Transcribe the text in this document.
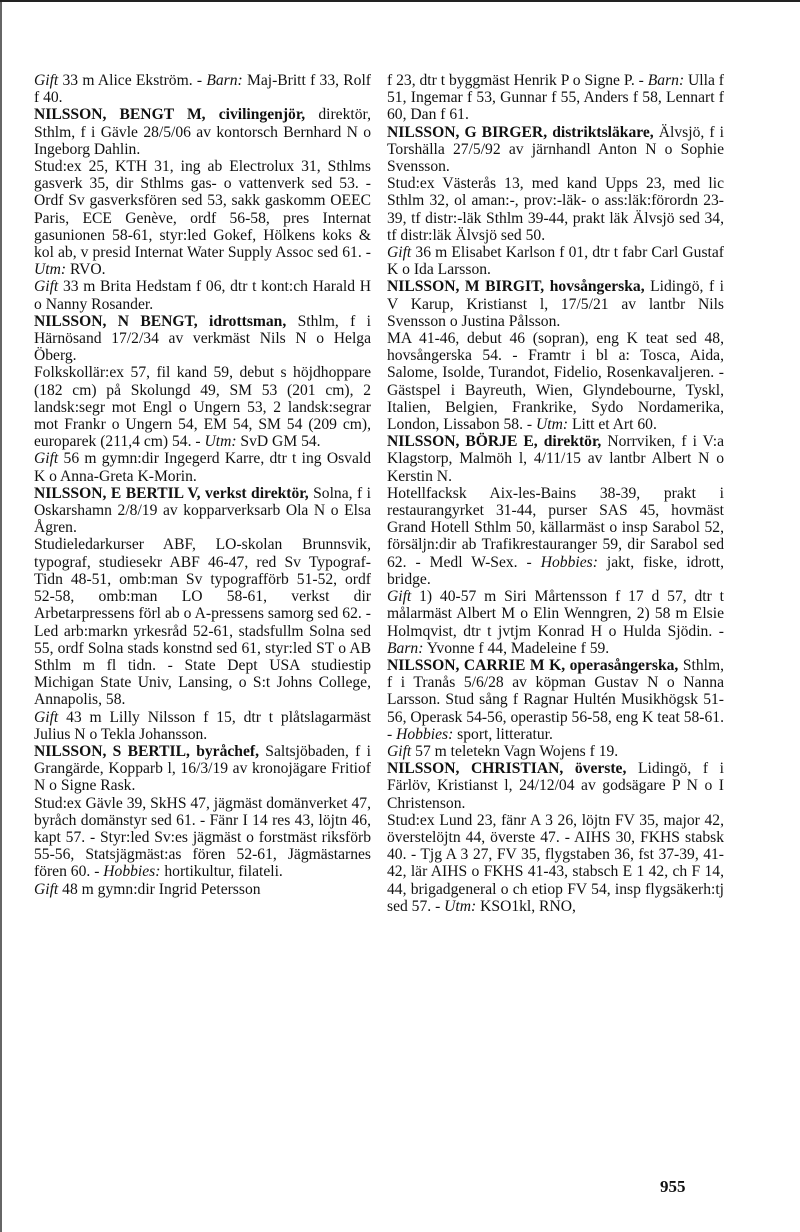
Gift 33 m Alice Ekström. - Barn: Maj-Britt f 33, Rolf f 40.

NILSSON, BENGT M, civilingenjör, direktör, Sthlm, f i Gävle 28/5/06 av kontorsch Bernhard N o Ingeborg Dahlin.

Stud:ex 25, KTH 31, ing ab Electrolux 31, Sthlms gasverk 35, dir Sthlms gas- o vattenverk sed 53. - Ordf Sv gasverksfören sed 53, sakk gaskomm OEEC Paris, ECE Genève, ordf 56-58, pres Internat gasunionen 58-61, styr:led Gokef, Hölkens koks & kol ab, v presid Internat Water Supply Assoc sed 61. - Utm: RVO.

Gift 33 m Brita Hedstam f 06, dtr t kont:ch Harald H o Nanny Rosander.

NILSSON, N BENGT, idrottsman, Sthlm, f i Härnösand 17/2/34 av verkmäst Nils N o Helga Öberg.

Folkskollär:ex 57, fil kand 59, debut s höjdhoppare (182 cm) på Skolungd 49, SM 53 (201 cm), 2 landsk:segr mot Engl o Ungern 53, 2 landsk:segrar mot Frankr o Ungern 54, EM 54, SM 54 (209 cm), europarek (211,4 cm) 54. - Utm: SvD GM 54.

Gift 56 m gymn:dir Ingegerd Karre, dtr t ing Osvald K o Anna-Greta K-Morin.

NILSSON, E BERTIL V, verkst direktör, Solna, f i Oskarshamn 2/8/19 av kopparverksarb Ola N o Elsa Ågren.

Studieledarkurser ABF, LO-skolan Brunnsvik, typograf, studiesekr ABF 46-47, red Sv Typograf-Tidn 48-51, omb:man Sv typografförb 51-52, ordf 52-58, omb:man LO 58-61, verkst dir Arbetarpressens förl ab o A-pressens samorg sed 62. - Led arb:markn yrkesråd 52-61, stadsfullm Solna sed 55, ordf Solna stads konstnd sed 61, styr:led ST o AB Sthlm m fl tidn. - State Dept USA studiestip Michigan State Univ, Lansing, o S:t Johns College, Annapolis, 58.

Gift 43 m Lilly Nilsson f 15, dtr t plåtslagarmäst Julius N o Tekla Johansson.

NILSSON, S BERTIL, byråchef, Saltsjöbaden, f i Grangärde, Kopparb l, 16/3/19 av kronojägare Fritiof N o Signe Rask.

Stud:ex Gävle 39, SkHS 47, jägmäst domänverket 47, byråch domänstyr sed 61. - Fänr I 14 res 43, löjtn 46, kapt 57. - Styr:led Sv:es jägmäst o forstmäst riksförb 55-56, Statsjägmäst:as fören 52-61, Jägmästarnes fören 60. - Hobbies: hortikultur, filateli.

Gift 48 m gymn:dir Ingrid Petersson

f 23, dtr t byggmäst Henrik P o Signe P. - Barn: Ulla f 51, Ingemar f 53, Gunnar f 55, Anders f 58, Lennart f 60, Dan f 61.

NILSSON, G BIRGER, distriktsläkare, Älvsjö, f i Torshälla 27/5/92 av järnhandl Anton N o Sophie Svensson.

Stud:ex Västerås 13, med kand Upps 23, med lic Sthlm 32, ol aman:-, prov:-läk- o ass:läk:förordn 23-39, tf distr:-läk Sthlm 39-44, prakt läk Älvsjö sed 34, tf distr:läk Älvsjö sed 50.

Gift 36 m Elisabet Karlson f 01, dtr t fabr Carl Gustaf K o Ida Larsson.

NILSSON, M BIRGIT, hovsångerska, Lidingö, f i V Karup, Kristianst l, 17/5/21 av lantbr Nils Svensson o Justina Pålsson.

MA 41-46, debut 46 (sopran), eng K teat sed 48, hovsångerska 54. - Framtr i bl a: Tosca, Aida, Salome, Isolde, Turandot, Fidelio, Rosenkavaljeren. - Gästspel i Bayreuth, Wien, Glyndebourne, Tyskl, Italien, Belgien, Frankrike, Sydo Nordamerika, London, Lissabon 58. - Utm: Litt et Art 60.

NILSSON, BÖRJE E, direktör, Norrviken, f i V:a Klagstorp, Malmöh l, 4/11/15 av lantbr Albert N o Kerstin N.

Hotellfacksk Aix-les-Bains 38-39, prakt i restaurangyrket 31-44, purser SAS 45, hovmäst Grand Hotell Sthlm 50, källarmäst o insp Sarabol 52, försäljn:dir ab Trafikrestauranger 59, dir Sarabol sed 62. - Medl W-Sex. - Hobbies: jakt, fiske, idrott, bridge.

Gift 1) 40-57 m Siri Mårtensson f 17 d 57, dtr t målarmäst Albert M o Elin Wenngren, 2) 58 m Elsie Holmqvist, dtr t jvtjm Konrad H o Hulda Sjödin. - Barn: Yvonne f 44, Madeleine f 59.

NILSSON, CARRIE M K, operasångerska, Sthlm, f i Tranås 5/6/28 av köpman Gustav N o Nanna Larsson. Stud sång f Ragnar Hultén Musikhögsk 51-56, Operask 54-56, operastip 56-58, eng K teat 58-61. - Hobbies: sport, litteratur.

Gift 57 m teletekn Vagn Wojens f 19.

NILSSON, CHRISTIAN, överste, Lidingö, f i Färlöv, Kristianst l, 24/12/04 av godsägare P N o I Christenson.

Stud:ex Lund 23, fänr A 3 26, löjtn FV 35, major 42, överstelöjtn 44, överste 47. - AIHS 30, FKHS stabsk 40. - Tjg A 3 27, FV 35, flygstaben 36, fst 37-39, 41-42, lär AIHS o FKHS 41-43, stabsch E 1 42, ch F 14, 44, brigadgeneral o ch etiop FV 54, insp flygsäkerh:tj sed 57. - Utm: KSO1kl, RNO,

955
